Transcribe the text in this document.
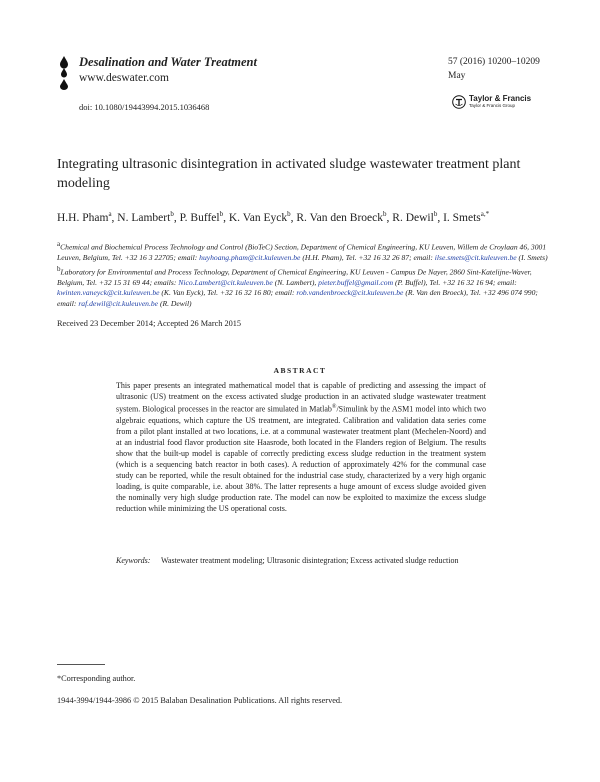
Desalination and Water Treatment
www.deswater.com
doi: 10.1080/19443994.2015.1036468
57 (2016) 10200–10209
May
Taylor & Francis
Taylor & Francis Group
Integrating ultrasonic disintegration in activated sludge wastewater treatment plant modeling
H.H. Pham$^a$, N. Lambert$^b$, P. Buffel$^b$, K. Van Eyck$^b$, R. Van den Broeck$^b$, R. Dewil$^b$, I. Smets$^{a,*}$
$^a$Chemical and Biochemical Process Technology and Control (BioTeC) Section, Department of Chemical Engineering, KU Leuven, Willem de Croylaan 46, 3001 Leuven, Belgium, Tel. +32 16 3 22705; email: huyhoang.pham@cit.kuleuven.be (H.H. Pham), Tel. +32 16 32 26 87; email: ilse.smets@cit.kuleuven.be (I. Smets)
$^b$Laboratory for Environmental and Process Technology, Department of Chemical Engineering, KU Leuven - Campus De Nayer, 2860 Sint-Katelijne-Waver, Belgium, Tel. +32 15 31 69 44; emails: Nico.Lambert@cit.kuleuven.be (N. Lambert), pieter.buffel@gmail.com (P. Buffel), Tel. +32 16 32 16 94; email: kwinten.vaneyck@cit.kuleuven.be (K. Van Eyck), Tel. +32 16 32 16 80; email: rob.vandenbroeck@cit.kuleuven.be (R. Van den Broeck), Tel. +32 496 074 990; email: raf.dewil@cit.kuleuven.be (R. Dewil)
Received 23 December 2014; Accepted 26 March 2015
ABSTRACT
This paper presents an integrated mathematical model that is capable of predicting and assessing the impact of ultrasonic (US) treatment on the excess activated sludge production in an activated sludge wastewater treatment system. Biological processes in the reactor are simulated in Matlab®/Simulink by the ASM1 model into which two algebraic equations, which capture the US treatment, are integrated. Calibration and validation data series come from a pilot plant installed at two locations, i.e. at a communal wastewater treatment plant (Mechelen-Noord) and at an industrial food flavor production site Haasrode, both located in the Flanders region of Belgium. The results show that the built-up model is capable of correctly predicting excess sludge reduction in the treatment system (which is a sequencing batch reactor in both cases). A reduction of approximately 42% for the communal case study can be reported, while the result obtained for the industrial case study, characterized by a very high organic loading, is quite comparable, i.e. about 38%. The latter represents a huge amount of excess sludge avoided given the nominally very high sludge production rate. The model can now be exploited to maximize the excess sludge reduction while minimizing the US operational costs.
Keywords:	Wastewater treatment modeling; Ultrasonic disintegration; Excess activated sludge reduction
*Corresponding author.
1944-3994/1944-3986 © 2015 Balaban Desalination Publications. All rights reserved.
